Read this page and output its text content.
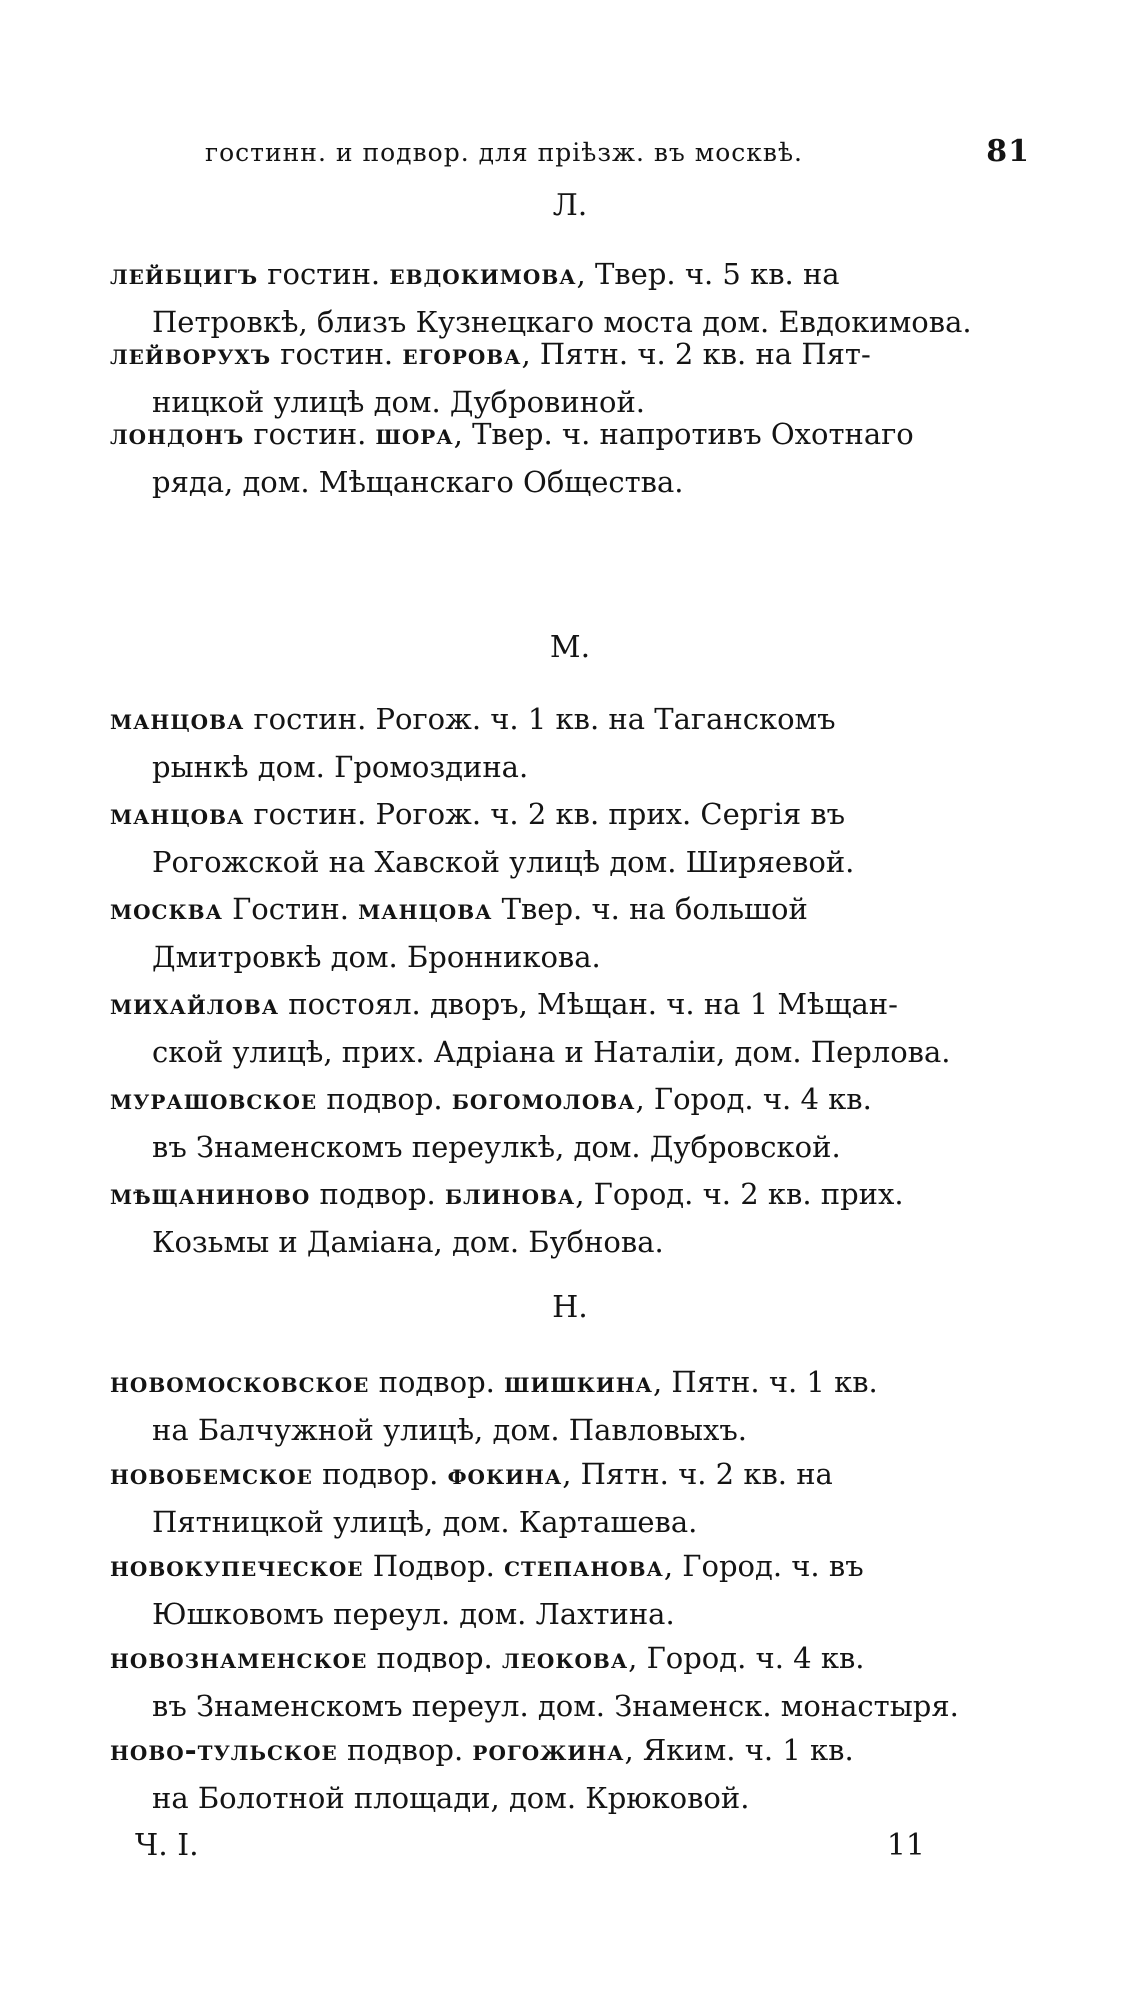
гостинн. и подвор. для пріѣзж. въ москвѣ.	81
Л.
лейбцигъ гостин. евдокимова, Твер. ч. 5 кв. на
Петровкѣ, близъ Кузнецкаго моста дом. Евдокимова.
лейворухъ гостин. егорова, Пятн. ч. 2 кв. на Пят-
ницкой улицѣ дом. Дубровиной.
лондонъ гостин. шора, Твер. ч. напротивъ Охотнаго
ряда, дом. Мѣщанскаго Общества.
М.
манцова гостин. Рогож. ч. 1 кв. на Таганскомъ
рынкѣ дом. Громоздина.
манцова гостин. Рогож. ч. 2 кв. прих. Сергія въ
Рогожской на Хавской улицѣ дом. Ширяевой.
москва Гостин. манцова Твер. ч. на большой
Дмитровкѣ дом. Бронникова.
михайлова постоял. дворъ, Мѣщан. ч. на 1 Мѣщан-
ской улицѣ, прих. Адріана и Наталіи, дом. Перлова.
мурашовское подвор. богомолова, Город. ч. 4 кв.
въ Знаменскомъ переулкѣ, дом. Дубровской.
мѣщаниново подвор. блинова, Город. ч. 2 кв. прих.
Козьмы и Даміана, дом. Бубнова.
Н.
новомосковское подвор. шишкина, Пятн. ч. 1 кв.
на Балчужной улицѣ, дом. Павловыхъ.
новобемское подвор. фокина, Пятн. ч. 2 кв. на
Пятницкой улицѣ, дом. Карташева.
новокупеческое Подвор. степанова, Город. ч. въ
Юшковомъ переул. дом. Лахтина.
новознаменское подвор. леокова, Город. ч. 4 кв.
въ Знаменскомъ переул. дом. Знаменск. монастыря.
ново-тульское подвор. рогожина, Яким. ч. 1 кв.
на Болотной площади, дом. Крюковой.
Ч. I.	11
